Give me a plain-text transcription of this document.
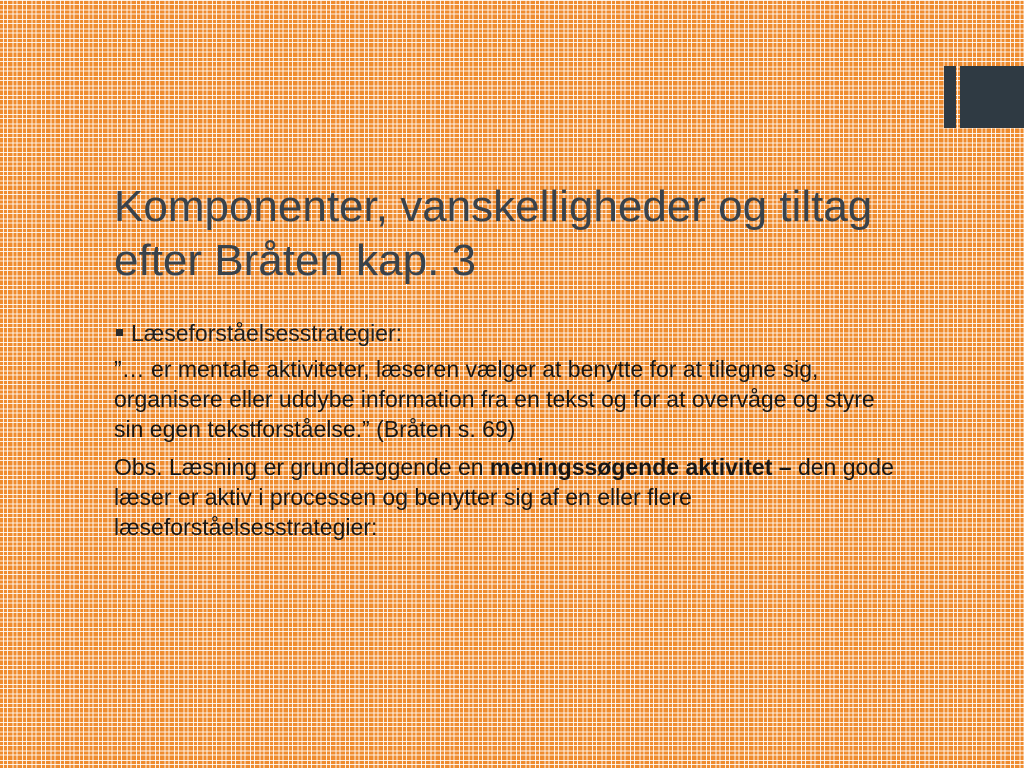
Komponenter, vanskelligheder og tiltag efter Bråten kap. 3
Læseforståelsesstrategier:

”… er mentale aktiviteter, læseren vælger at benytte for at tilegne sig, organisere eller uddybe information fra en tekst og for at overvåge og styre sin egen tekstforståelse.” (Bråten s. 69)

Obs. Læsning er grundlæggende en meningssøgende aktivitet – den gode læser er aktiv i processen og benytter sig af en eller flere læseforståelsesstrategier:
